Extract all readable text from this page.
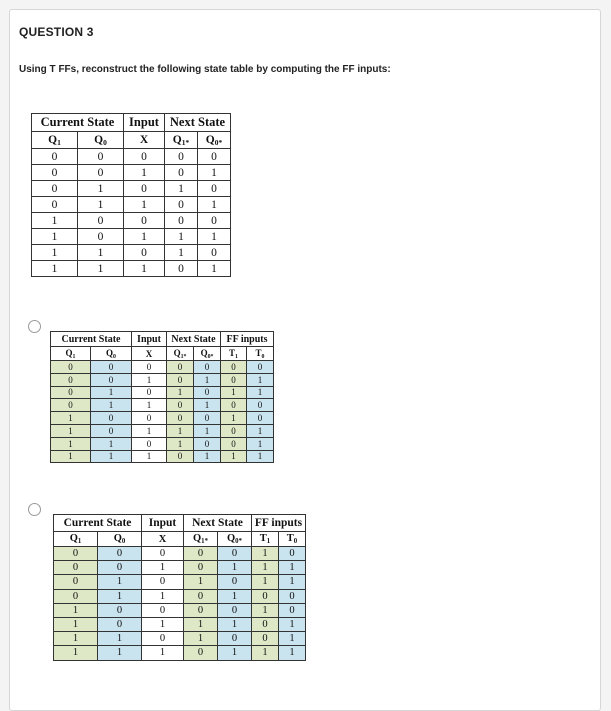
QUESTION 3
Using T FFs, reconstruct the following state table by computing the FF inputs:
Current State		Input	Next State	
$Q_1$	$Q_0$	X	$Q_{1*}$	$Q_{0*}$
0	0	0	0	0
0	0	1	0	1
0	1	0	1	0
0	1	1	0	1
1	0	0	0	0
1	0	1	1	1
1	1	0	1	0
1	1	1	0	1
Current State		Input	Next State		FF inputs	
$Q_1$	$Q_0$	X	$Q_{1*}$	$Q_{0*}$	$T_1$	$T_0$
0	0	0	0	0	0	0
0	0	1	0	1	0	1
0	1	0	1	0	1	1
0	1	1	0	1	0	0
1	0	0	0	0	1	0
1	0	1	1	1	0	1
1	1	0	1	0	0	1
1	1	1	0	1	1	1
Current State		Input	Next State		FF inputs	
$Q_1$	$Q_0$	X	$Q_{1*}$	$Q_{0*}$	$T_1$	$T_0$
0	0	0	0	0	1	0
0	0	1	0	1	1	1
0	1	0	1	0	1	1
0	1	1	0	1	0	0
1	0	0	0	0	1	0
1	0	1	1	1	0	1
1	1	0	1	0	0	1
1	1	1	0	1	1	1
